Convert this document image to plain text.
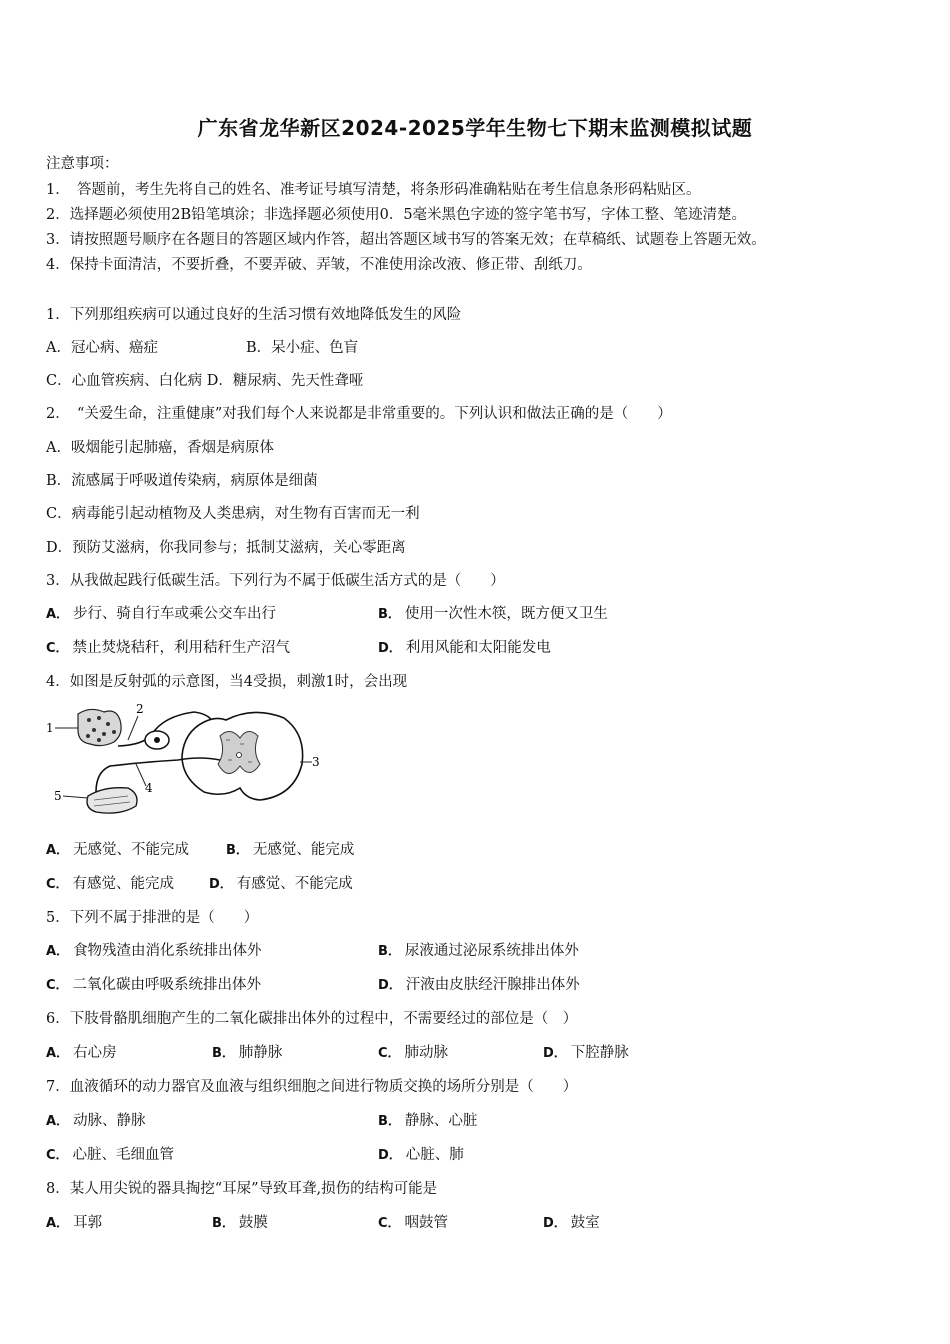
广东省龙华新区2024-2025学年生物七下期末监测模拟试题
注意事项：
1．　答题前，考生先将自己的姓名、准考证号填写清楚，将条形码准确粘贴在考生信息条形码粘贴区。
2．选择题必须使用2B铅笔填涂；非选择题必须使用0．5毫米黑色字迹的签字笔书写，字体工整、笔迹清楚。
3．请按照题号顺序在各题目的答题区域内作答，超出答题区域书写的答案无效；在草稿纸、试题卷上答题无效。
4．保持卡面清洁，不要折叠，不要弄破、弄皱，不准使用涂改液、修正带、刮纸刀。
1．下列那组疾病可以通过良好的生活习惯有效地降低发生的风险
A．冠心病、癌症	B．呆小症、色盲
C．心血管疾病、白化病 D．糖尿病、先天性聋哑
2．　“关爱生命，注重健康”对我们每个人来说都是非常重要的。下列认识和做法正确的是（　　）
A．吸烟能引起肺癌，香烟是病原体
B．流感属于呼吸道传染病，病原体是细菌
C．病毒能引起动植物及人类患病，对生物有百害而无一利
D．预防艾滋病，你我同参与；抵制艾滋病，关心零距离
3．从我做起践行低碳生活。下列行为不属于低碳生活方式的是（　　）
A． 步行、骑自行车或乘公交车出行	B． 使用一次性木筷，既方便又卫生
C． 禁止焚烧秸秆，利用秸秆生产沼气	D． 利用风能和太阳能发电
4．如图是反射弧的示意图，当4受损，刺激1时，会出现
1
2
3
4
5
A． 无感觉、不能完成	B． 无感觉、能完成
C． 有感觉、能完成	D． 有感觉、不能完成
5．下列不属于排泄的是（　　）
A． 食物残渣由消化系统排出体外	B． 尿液通过泌尿系统排出体外
C． 二氧化碳由呼吸系统排出体外	D． 汗液由皮肤经汗腺排出体外
6．下肢骨骼肌细胞产生的二氧化碳排出体外的过程中，不需要经过的部位是（　）
A． 右心房	B． 肺静脉	C． 肺动脉	D． 下腔静脉
7．血液循环的动力器官及血液与组织细胞之间进行物质交换的场所分别是（　　）
A． 动脉、静脉	B． 静脉、心脏
C． 心脏、毛细血管	D． 心脏、肺
8．某人用尖锐的器具掏挖“耳屎”导致耳聋,损伤的结构可能是
A． 耳郭	B． 鼓膜	C． 咽鼓管	D． 鼓室
